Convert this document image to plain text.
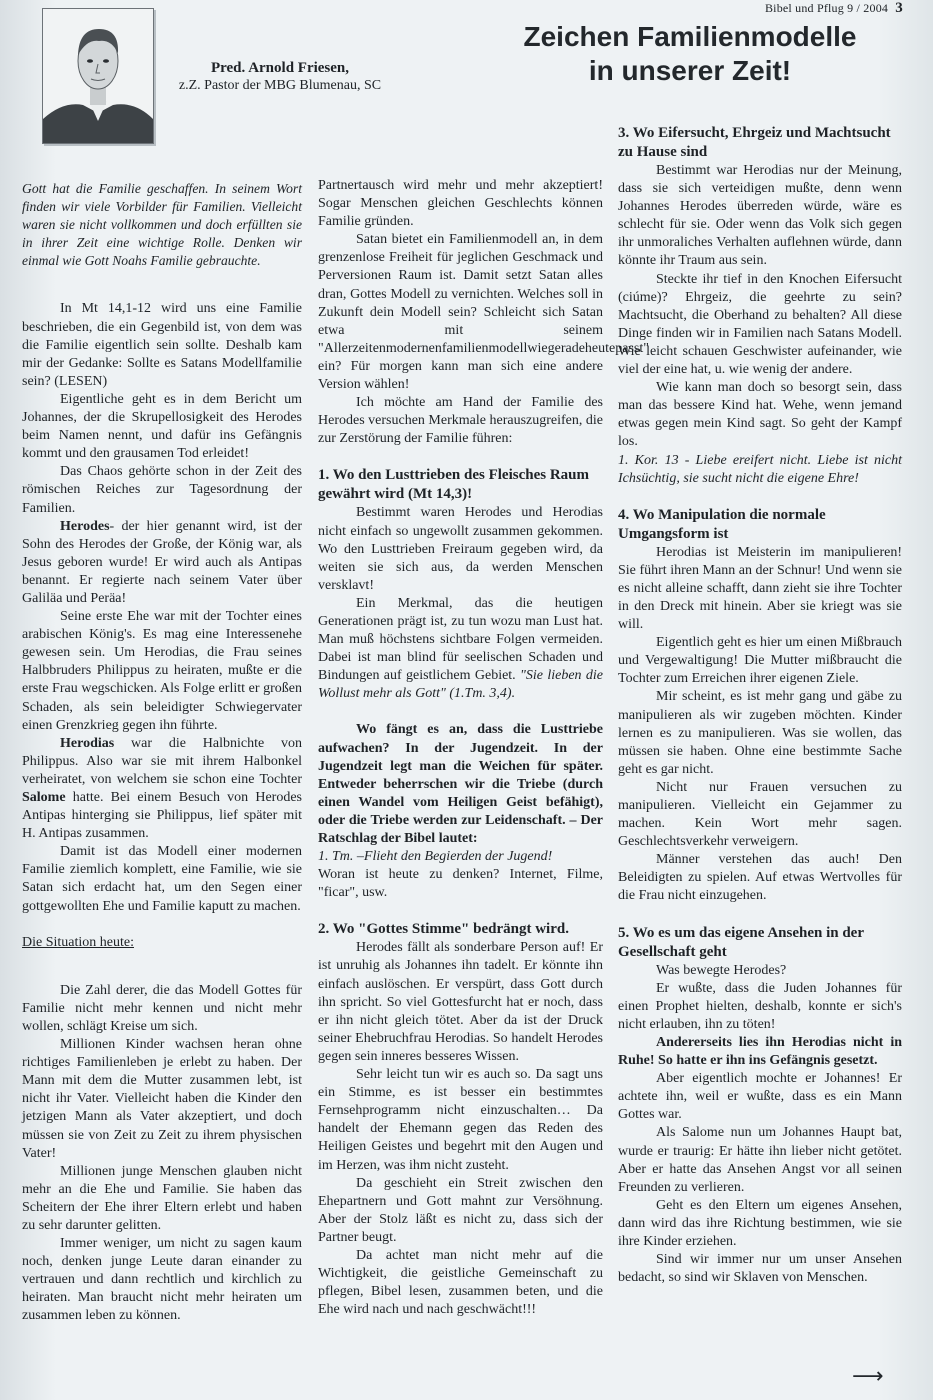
Bibel und Pflug 9 / 2004 3
Pred. Arnold Friesen,
z.Z. Pastor der MBG Blumenau, SC
Zeichen Familienmodelle
in unserer Zeit!

Gott hat die Familie geschaffen. In seinem Wort finden wir viele Vorbilder für Familien. Vielleicht waren sie nicht vollkommen und doch erfüllten sie in ihrer Zeit eine wichtige Rolle. Denken wir einmal wie Gott Noahs Familie gebrauchte.

In Mt 14,1-12 wird uns eine Familie beschrieben, die ein Gegenbild ist, von dem was die Familie eigentlich sein sollte. Deshalb kam mir der Gedanke: Sollte es Satans Modellfamilie sein? (LESEN)

Eigentliche geht es in dem Bericht um Johannes, der die Skrupellosigkeit des Herodes beim Namen nennt, und dafür ins Gefängnis kommt und den grausamen Tod erleidet!

Das Chaos gehörte schon in der Zeit des römischen Reiches zur Tagesordnung der Familien.

Herodes- der hier genannt wird, ist der Sohn des Herodes der Große, der König war, als Jesus geboren wurde! Er wird auch als Antipas benannt. Er regierte nach seinem Vater über Galiläa und Peräa!

Seine erste Ehe war mit der Tochter eines arabischen König's. Es mag eine Interessenehe gewesen sein. Um Herodias, die Frau seines Halbbruders Philippus zu heiraten, mußte er die erste Frau wegschicken. Als Folge erlitt er großen Schaden, als sein beleidigter Schwiegervater einen Grenzkrieg gegen ihn führte.

Herodias war die Halbnichte von Philippus. Also war sie mit ihrem Halbonkel verheiratet, von welchem sie schon eine Tochter Salome hatte. Bei einem Besuch von Herodes Antipas hinterging sie Philippus, lief später mit H. Antipas zusammen.

Damit ist das Modell einer modernen Familie ziemlich komplett, eine Familie, wie sie Satan sich erdacht hat, um den Segen einer gottgewollten Ehe und Familie kaputt zu machen.

Die Situation heute:

Die Zahl derer, die das Modell Gottes für Familie nicht mehr kennen und nicht mehr wollen, schlägt Kreise um sich.

Millionen Kinder wachsen heran ohne richtiges Familienleben je erlebt zu haben. Der Mann mit dem die Mutter zusammen lebt, ist nicht ihr Vater. Vielleicht haben die Kinder den jetzigen Mann als Vater akzeptiert, und doch müssen sie von Zeit zu Zeit zu ihrem physischen Vater!

Millionen junge Menschen glauben nicht mehr an die Ehe und Familie. Sie haben das Scheitern der Ehe ihrer Eltern erlebt und haben zu sehr darunter gelitten.

Immer weniger, um nicht zu sagen kaum noch, denken junge Leute daran einander zu vertrauen und dann rechtlich und kirchlich zu heiraten. Man braucht nicht mehr heiraten um zusammen leben zu können.

Partnertausch wird mehr und mehr akzeptiert! Sogar Menschen gleichen Geschlechts können Familie gründen.

Satan bietet ein Familienmodell an, in dem grenzenlose Freiheit für jeglichen Geschmack und Perversionen Raum ist. Damit setzt Satan alles dran, Gottes Modell zu vernichten. Welches soll in Zukunft dein Modell sein? Schleicht sich Satan etwa mit seinem "Allerzeitenmodernenfamilienmodellwiegeradeheutepasst" ein? Für morgen kann man sich eine andere Version wählen!

Ich möchte am Hand der Familie des Herodes versuchen Merkmale herauszugreifen, die zur Zerstörung der Familie führen:

1. Wo den Lusttrieben des Fleisches Raum gewährt wird (Mt 14,3)!

Bestimmt waren Herodes und Herodias nicht einfach so ungewollt zusammen gekommen. Wo den Lusttrieben Freiraum gegeben wird, da weiten sie sich aus, da werden Menschen versklavt!

Ein Merkmal, das die heutigen Generationen prägt ist, zu tun wozu man Lust hat. Man muß höchstens sichtbare Folgen vermeiden. Dabei ist man blind für seelischen Schaden und Bindungen auf geistlichem Gebiet. "Sie lieben die Wollust mehr als Gott" (1.Tm. 3,4).

Wo fängt es an, dass die Lusttriebe aufwachen? In der Jugendzeit. In der Jugendzeit legt man die Weichen für später. Entweder beherrschen wir die Triebe (durch einen Wandel vom Heiligen Geist befähigt), oder die Triebe werden zur Leidenschaft. – Der Ratschlag der Bibel lautet:

1. Tm. –Flieht den Begierden der Jugend!

Woran ist heute zu denken? Internet, Filme, "ficar", usw.

2. Wo "Gottes Stimme" bedrängt wird.

Herodes fällt als sonderbare Person auf! Er ist unruhig als Johannes ihn tadelt. Er könnte ihn einfach auslöschen. Er verspürt, dass Gott durch ihn spricht. So viel Gottesfurcht hat er noch, dass er ihn nicht gleich tötet. Aber da ist der Druck seiner Ehebruchfrau Herodias. So handelt Herodes gegen sein inneres besseres Wissen.

Sehr leicht tun wir es auch so. Da sagt uns ein Stimme, es ist besser ein bestimmtes Fernsehprogramm nicht einzuschalten… Da handelt der Ehemann gegen das Reden des Heiligen Geistes und begehrt mit den Augen und im Herzen, was ihm nicht zusteht.

Da geschieht ein Streit zwischen den Ehepartnern und Gott mahnt zur Versöhnung. Aber der Stolz läßt es nicht zu, dass sich der Partner beugt.

Da achtet man nicht mehr auf die Wichtigkeit, die geistliche Gemeinschaft zu pflegen, Bibel lesen, zusammen beten, und die Ehe wird nach und nach geschwächt!!!

3. Wo Eifersucht, Ehrgeiz und Machtsucht zu Hause sind

Bestimmt war Herodias nur der Meinung, dass sie sich verteidigen mußte, denn wenn Johannes Herodes überreden würde, wäre es schlecht für sie. Oder wenn das Volk sich gegen ihr unmoraliches Verhalten auflehnen würde, dann könnte ihr Traum aus sein.

Steckte ihr tief in den Knochen Eifersucht (ciúme)? Ehrgeiz, die geehrte zu sein? Machtsucht, die Oberhand zu behalten? All diese Dinge finden wir in Familien nach Satans Modell. Wie leicht schauen Geschwister aufeinander, wie viel der eine hat, u. wie wenig der andere.

Wie kann man doch so besorgt sein, dass man das bessere Kind hat. Wehe, wenn jemand etwas gegen mein Kind sagt. So geht der Kampf los.

1. Kor. 13 - Liebe ereifert nicht. Liebe ist nicht Ichsüchtig, sie sucht nicht die eigene Ehre!

4. Wo Manipulation die normale Umgangsform ist

Herodias ist Meisterin im manipulieren! Sie führt ihren Mann an der Schnur! Und wenn sie es nicht alleine schafft, dann zieht sie ihre Tochter in den Dreck mit hinein. Aber sie kriegt was sie will.

Eigentlich geht es hier um einen Mißbrauch und Vergewaltigung! Die Mutter mißbraucht die Tochter zum Erreichen ihrer eigenen Ziele.

Mir scheint, es ist mehr gang und gäbe zu manipulieren als wir zugeben möchten. Kinder lernen es zu manipulieren. Was sie wollen, das müssen sie haben. Ohne eine bestimmte Sache geht es gar nicht.

Nicht nur Frauen versuchen zu manipulieren. Vielleicht ein Gejammer zu machen. Kein Wort mehr sagen. Geschlechtsverkehr verweigern.

Männer verstehen das auch! Den Beleidigten zu spielen. Auf etwas Wertvolles für die Frau nicht einzugehen.

5. Wo es um das eigene Ansehen in der Gesellschaft geht

Was bewegte Herodes?

Er wußte, dass die Juden Johannes für einen Prophet hielten, deshalb, konnte er sich's nicht erlauben, ihn zu töten!

Andererseits lies ihn Herodias nicht in Ruhe! So hatte er ihn ins Gefängnis gesetzt.

Aber eigentlich mochte er Johannes! Er achtete ihn, weil er wußte, dass es ein Mann Gottes war.

Als Salome nun um Johannes Haupt bat, wurde er traurig: Er hätte ihn lieber nicht getötet. Aber er hatte das Ansehen Angst vor all seinen Freunden zu verlieren.

Geht es den Eltern um eigenes Ansehen, dann wird das ihre Richtung bestimmen, wie sie ihre Kinder erziehen.

Sind wir immer nur um unser Ansehen bedacht, so sind wir Sklaven von Menschen.

⟶
